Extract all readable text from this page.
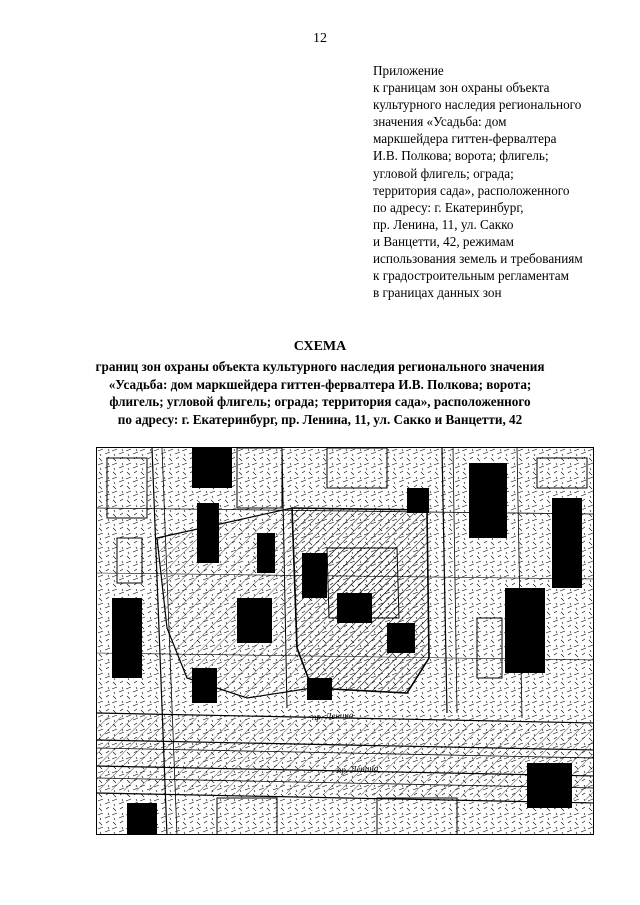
12
Приложение
к границам зон охраны объекта
культурного наследия регионального
значения «Усадьба: дом
маркшейдера гиттен-фервалтера
И.В. Полкова; ворота; флигель;
угловой флигель; ограда;
территория сада», расположенного
по адресу: г. Екатеринбург,
пр. Ленина, 11, ул. Сакко
и Ванцетти, 42, режимам
использования земель и требованиям
к градостроительным регламентам
в границах данных зон
СХЕМА
границ зон охраны объекта культурного наследия регионального значения
«Усадьба: дом маркшейдера гиттен-фервалтера И.В. Полкова; ворота;
флигель; угловой флигель; ограда; территория сада», расположенного
по адресу: г. Екатеринбург, пр. Ленина, 11, ул. Сакко и Ванцетти, 42
пр. Ленина
пр. Ленина
